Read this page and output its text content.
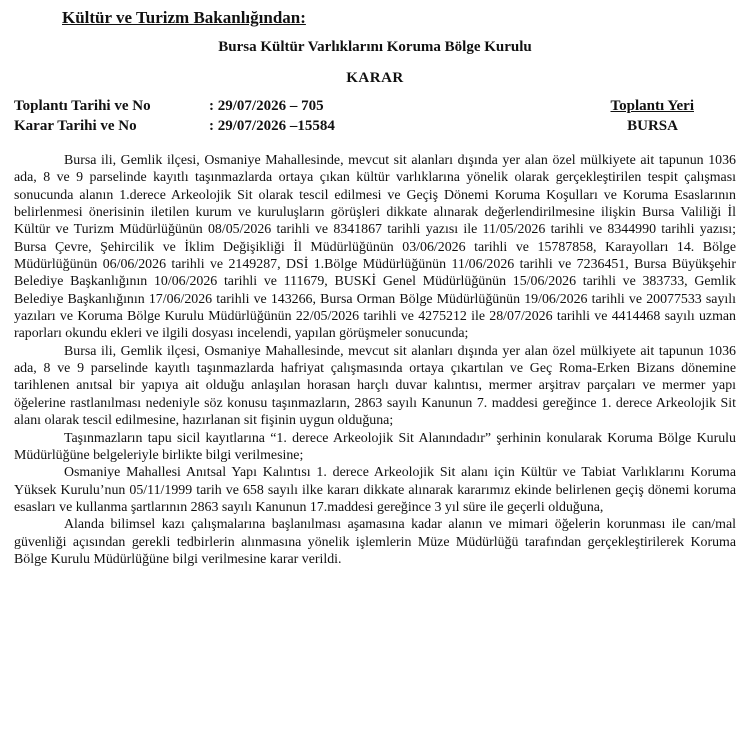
Kültür ve Turizm Bakanlığından:
Bursa Kültür Varlıklarını Koruma Bölge Kurulu
KARAR
Toplantı Tarihi ve No	: 29/07/2026 – 705
Karar Tarihi ve No	: 29/07/2026 –15584
Toplantı Yeri
BURSA

Bursa ili, Gemlik ilçesi, Osmaniye Mahallesinde, mevcut sit alanları dışında yer alan özel mülkiyete ait tapunun 1036 ada, 8 ve 9 parselinde kayıtlı taşınmazlarda ortaya çıkan kültür varlıklarına yönelik olarak gerçekleştirilen tespit çalışması sonucunda alanın 1.derece Arkeolojik Sit olarak tescil edilmesi ve Geçiş Dönemi Koruma Koşulları ve Koruma Esaslarının belirlenmesi önerisinin iletilen kurum ve kuruluşların görüşleri dikkate alınarak değerlendirilmesine ilişkin Bursa Valiliği İl Kültür ve Turizm Müdürlüğünün 08/05/2026 tarihli ve 8341867 tarihli yazısı ile 11/05/2026 tarihli ve 8344990 tarihli yazısı; Bursa Çevre, Şehircilik ve İklim Değişikliği İl Müdürlüğünün 03/06/2026 tarihli ve 15787858, Karayolları 14. Bölge Müdürlüğünün 06/06/2026 tarihli ve 2149287, DSİ 1.Bölge Müdürlüğünün 11/06/2026 tarihli ve 7236451, Bursa Büyükşehir Belediye Başkanlığının 10/06/2026 tarihli ve 111679, BUSKİ Genel Müdürlüğünün 15/06/2026 tarihli ve 383733, Gemlik Belediye Başkanlığının 17/06/2026 tarihli ve 143266, Bursa Orman Bölge Müdürlüğünün 19/06/2026 tarihli ve 20077533 sayılı yazıları ve Koruma Bölge Kurulu Müdürlüğünün 22/05/2026 tarihli ve 4275212 ile 28/07/2026 tarihli ve 4414468 sayılı uzman raporları okundu ekleri ve ilgili dosyası incelendi, yapılan görüşmeler sonucunda;

Bursa ili, Gemlik ilçesi, Osmaniye Mahallesinde, mevcut sit alanları dışında yer alan özel mülkiyete ait tapunun 1036 ada, 8 ve 9 parselinde kayıtlı taşınmazlarda hafriyat çalışmasında ortaya çıkartılan ve Geç Roma-Erken Bizans dönemine tarihlenen anıtsal bir yapıya ait olduğu anlaşılan horasan harçlı duvar kalıntısı, mermer arşitrav parçaları ve mermer yapı öğelerine rastlanılması nedeniyle söz konusu taşınmazların, 2863 sayılı Kanunun 7. maddesi gereğince 1. derece Arkeolojik Sit alanı olarak tescil edilmesine, hazırlanan sit fişinin uygun olduğuna;

Taşınmazların tapu sicil kayıtlarına “1. derece Arkeolojik Sit Alanındadır” şerhinin konularak Koruma Bölge Kurulu Müdürlüğüne belgeleriyle birlikte bilgi verilmesine;

Osmaniye Mahallesi Anıtsal Yapı Kalıntısı 1. derece Arkeolojik Sit alanı için Kültür ve Tabiat Varlıklarını Koruma Yüksek Kurulu’nun 05/11/1999 tarih ve 658 sayılı ilke kararı dikkate alınarak kararımız ekinde belirlenen geçiş dönemi koruma esasları ve kullanma şartlarının 2863 sayılı Kanunun 17.maddesi gereğince 3 yıl süre ile geçerli olduğuna,

Alanda bilimsel kazı çalışmalarına başlanılması aşamasına kadar alanın ve mimari öğelerin korunması ile can/mal güvenliği açısından gerekli tedbirlerin alınmasına yönelik işlemlerin Müze Müdürlüğü tarafından gerçekleştirilerek Koruma Bölge Kurulu Müdürlüğüne bilgi verilmesine karar verildi.
